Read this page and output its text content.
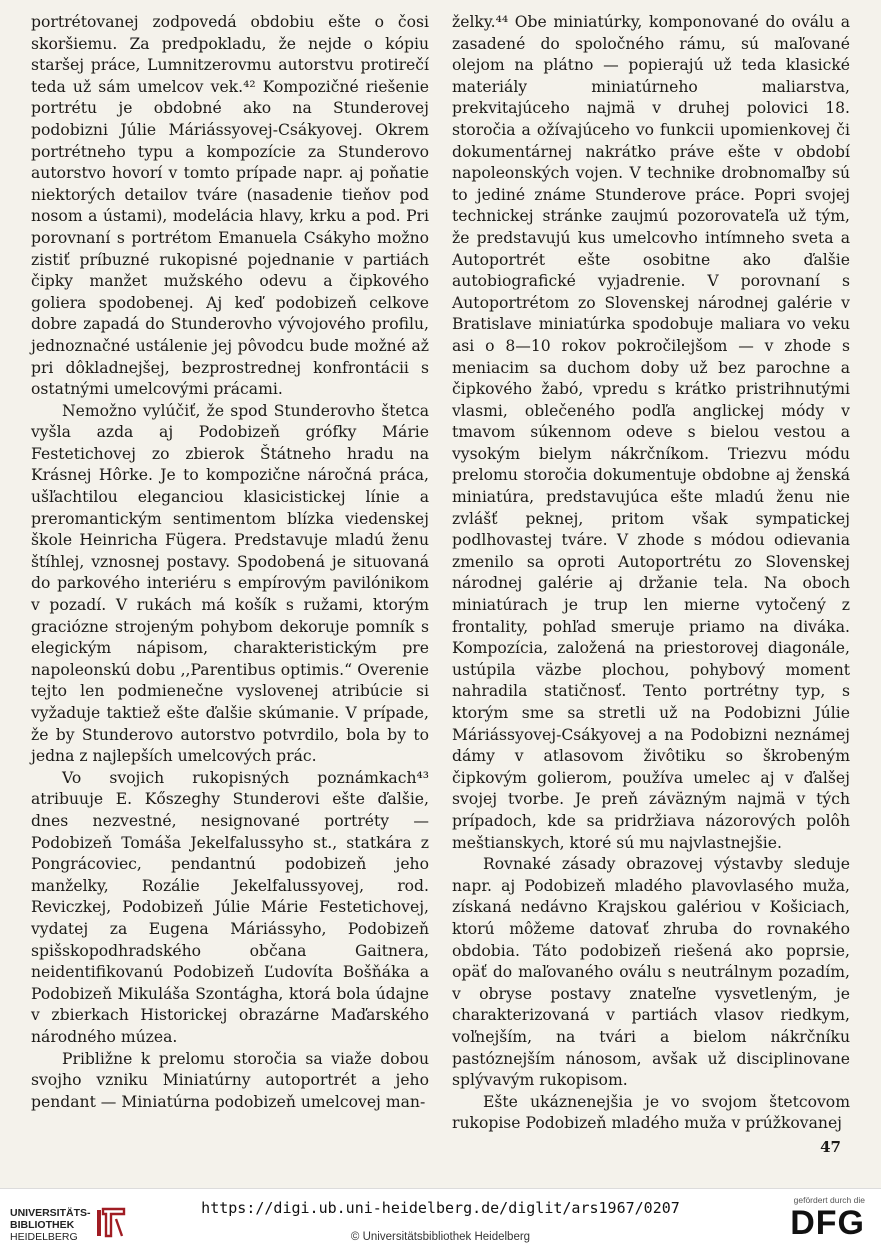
portrétovanej zodpovedá obdobiu ešte o čosi skoršiemu. Za predpokladu, že nejde o kópiu staršej práce, Lumnitzerovmu autorstvu protirečí teda už sám umelcov vek.⁴² Kompozičné riešenie portrétu je obdobné ako na Stunderovej podobizni Júlie Máriássyovej-Csákyovej. Okrem portrétneho typu a kompozície za Stunderovo autorstvo hovorí v tomto prípade napr. aj poňatie niektorých detailov tváre (nasadenie tieňov pod nosom a ústami), modelácia hlavy, krku a pod. Pri porovnaní s portrétom Emanuela Csákyho možno zistiť príbuzné rukopisné pojednanie v partiách čipky manžet mužského odevu a čipkového goliera spodobenej. Aj keď podobizeň celkove dobre zapadá do Stunderovho vývojového profilu, jednoznačné ustálenie jej pôvodcu bude možné až pri dôkladnejšej, bezprostrednej konfrontácii s ostatnými umelcovými prácami.

Nemožno vylúčiť, že spod Stunderovho štetca vyšla azda aj Podobizeň grófky Márie Festetichovej zo zbierok Štátneho hradu na Krásnej Hôrke. Je to kompozične náročná práca, ušľachtilou eleganciou klasicistickej línie a preromantickým sentimentom blízka viedenskej škole Heinricha Fügera. Predstavuje mladú ženu štíhlej, vznosnej postavy. Spodobená je situovaná do parkového interiéru s empírovým pavilónikom v pozadí. V rukách má košík s ružami, ktorým graciózne strojeným pohybom dekoruje pomník s elegickým nápisom, charakteristickým pre napoleonskú dobu ,,Parentibus optimis.“ Overenie tejto len podmienečne vyslovenej atribúcie si vyžaduje taktiež ešte ďalšie skúmanie. V prípade, že by Stunderovo autorstvo potvrdilo, bola by to jedna z najlepších umelcových prác.

Vo svojich rukopisných poznámkach⁴³ atribuuje E. Kőszeghy Stunderovi ešte ďalšie, dnes nezvestné, nesignované portréty — Podobizeň Tomáša Jekelfalussyho st., statkára z Pongrácoviec, pendantnú podobizeň jeho manželky, Rozálie Jekelfalussyovej, rod. Reviczkej, Podobizeň Júlie Márie Festetichovej, vydatej za Eugena Máriássyho, Podobizeň spišskopodhradského občana Gaitnera, neidentifikovanú Podobizeň Ľudovíta Bošňáka a Podobizeň Mikuláša Szontágha, ktorá bola údajne v zbierkach Historickej obrazárne Maďarského národného múzea.

Približne k prelomu storočia sa viaže dobou svojho vzniku Miniatúrny autoportrét a jeho pendant — Miniatúrna podobizeň umelcovej man-

želky.⁴⁴ Obe miniatúrky, komponované do oválu a zasadené do spoločného rámu, sú maľované olejom na plátno — popierajú už teda klasické materiály miniatúrneho maliarstva, prekvitajúceho najmä v druhej polovici 18. storočia a ožívajúceho vo funkcii upomienkovej či dokumentárnej nakrátko práve ešte v období napoleonských vojen. V technike drobnomaľby sú to jediné známe Stunderove práce. Popri svojej technickej stránke zaujmú pozorovateľa už tým, že predstavujú kus umelcovho intímneho sveta a Autoportrét ešte osobitne ako ďalšie autobiografické vyjadrenie. V porovnaní s Autoportrétom zo Slovenskej národnej galérie v Bratislave miniatúrka spodobuje maliara vo veku asi o 8—10 rokov pokročilejšom — v zhode s meniacim sa duchom doby už bez parochne a čipkového žabó, vpredu s krátko pristrihnutými vlasmi, oblečeného podľa anglickej módy v tmavom súkennom odeve s bielou vestou a vysokým bielym nákrčníkom. Triezvu módu prelomu storočia dokumentuje obdobne aj ženská miniatúra, predstavujúca ešte mladú ženu nie zvlášť peknej, pritom však sympatickej podlhovastej tváre. V zhode s módou odievania zmenilo sa oproti Autoportrétu zo Slovenskej národnej galérie aj držanie tela. Na oboch miniatúrach je trup len mierne vytočený z frontality, pohľad smeruje priamo na diváka. Kompozícia, založená na priestorovej diagonále, ustúpila väzbe plochou, pohybový moment nahradila statičnosť. Tento portrétny typ, s ktorým sme sa stretli už na Podobizni Júlie Máriássyovej-Csákyovej a na Podobizni neznámej dámy v atlasovom živôtiku so škrobeným čipkovým golierom, používa umelec aj v ďalšej svojej tvorbe. Je preň záväzným najmä v tých prípadoch, kde sa pridržiava názorových polôh meštianskych, ktoré sú mu najvlastnejšie.

Rovnaké zásady obrazovej výstavby sleduje napr. aj Podobizeň mladého plavovlasého muža, získaná nedávno Krajskou galériou v Košiciach, ktorú môžeme datovať zhruba do rovnakého obdobia. Táto podobizeň riešená ako poprsie, opäť do maľovaného oválu s neutrálnym pozadím, v obryse postavy znateľne vysvetleným, je charakterizovaná v partiách vlasov riedkym, voľnejším, na tvári a bielom nákrčníku pastóznejším nánosom, avšak už disciplinovane splývavým rukopisom.

Ešte ukáznenejšia je vo svojom štetcovom rukopise Podobizeň mladého muža v prúžkovanej

47
UNIVERSITÄTS-
BIBLIOTHEK
HEIDELBERG
https://digi.ub.uni-heidelberg.de/diglit/ars1967/0207
© Universitätsbibliothek Heidelberg
gefördert durch die
DFG
